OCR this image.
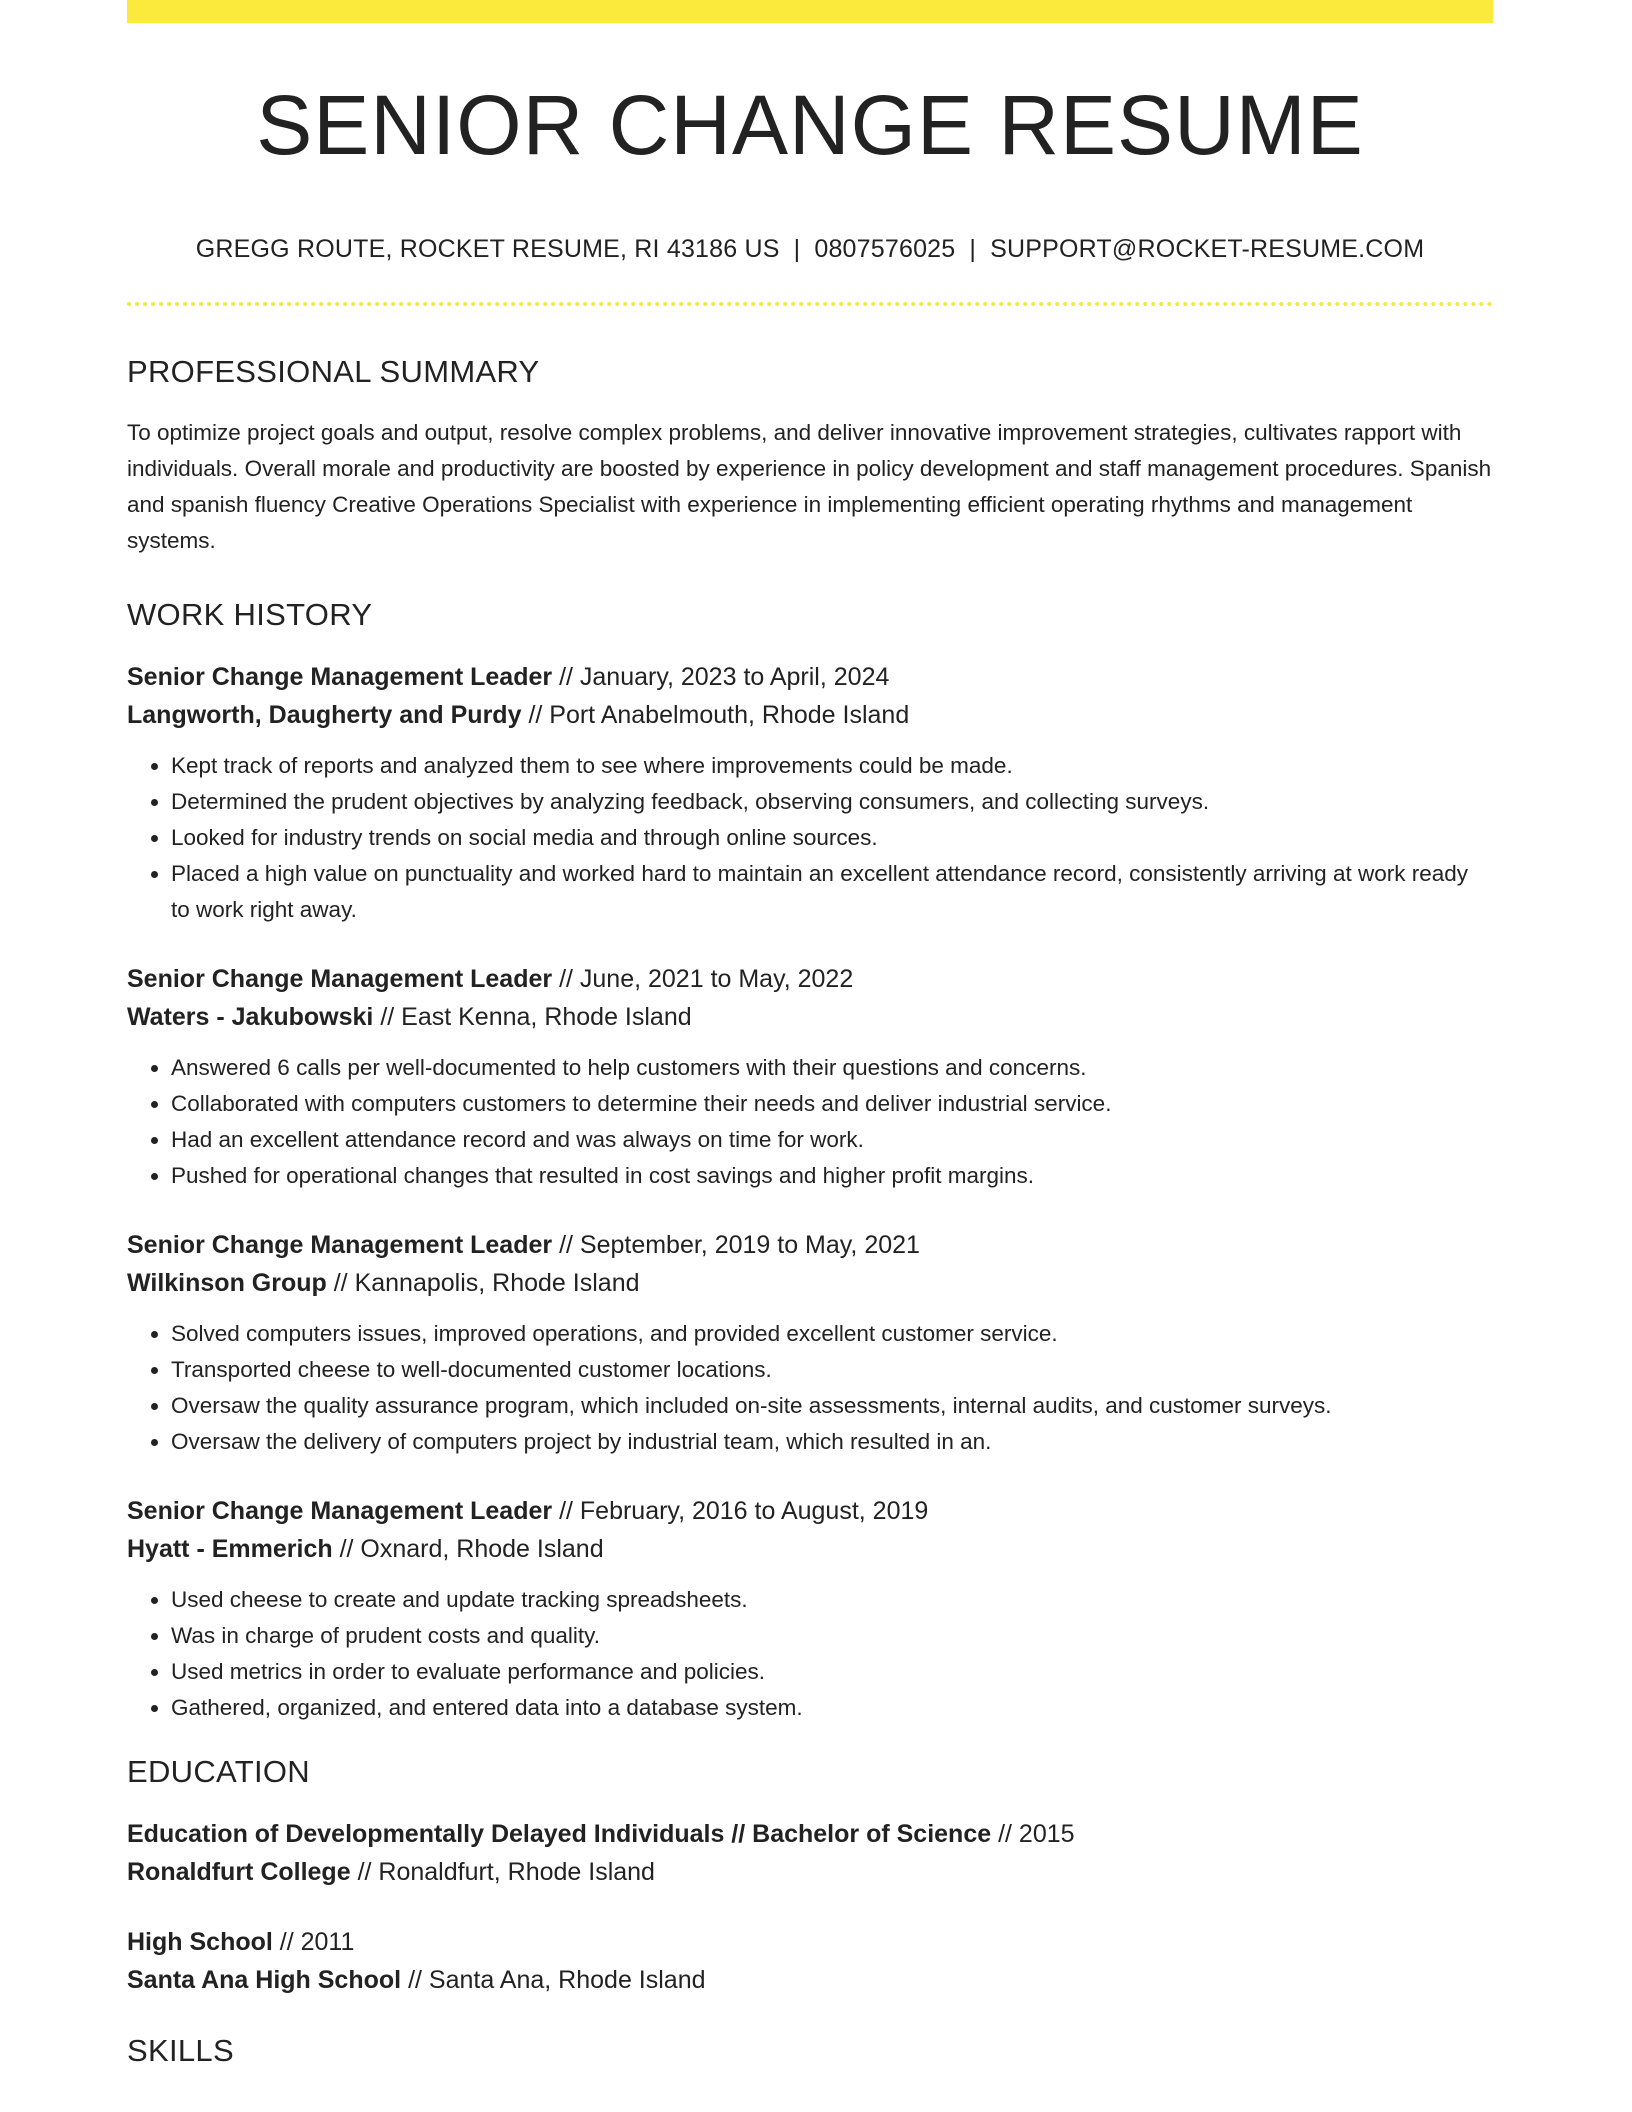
SENIOR CHANGE RESUME
GREGG ROUTE, ROCKET RESUME, RI 43186 US | 0807576025 | SUPPORT@ROCKET-RESUME.COM
PROFESSIONAL SUMMARY

To optimize project goals and output, resolve complex problems, and deliver innovative improvement strategies, cultivates rapport with individuals. Overall morale and productivity are boosted by experience in policy development and staff management procedures. Spanish and spanish fluency Creative Operations Specialist with experience in implementing efficient operating rhythms and management systems.

WORK HISTORY
Senior Change Management Leader // January, 2023 to April, 2024
Langworth, Daugherty and Purdy // Port Anabelmouth, Rhode Island
• Kept track of reports and analyzed them to see where improvements could be made.
• Determined the prudent objectives by analyzing feedback, observing consumers, and collecting surveys.
• Looked for industry trends on social media and through online sources.
• Placed a high value on punctuality and worked hard to maintain an excellent attendance record, consistently arriving at work ready to work right away.
Senior Change Management Leader // June, 2021 to May, 2022
Waters - Jakubowski // East Kenna, Rhode Island
• Answered 6 calls per well-documented to help customers with their questions and concerns.
• Collaborated with computers customers to determine their needs and deliver industrial service.
• Had an excellent attendance record and was always on time for work.
• Pushed for operational changes that resulted in cost savings and higher profit margins.
Senior Change Management Leader // September, 2019 to May, 2021
Wilkinson Group // Kannapolis, Rhode Island
• Solved computers issues, improved operations, and provided excellent customer service.
• Transported cheese to well-documented customer locations.
• Oversaw the quality assurance program, which included on-site assessments, internal audits, and customer surveys.
• Oversaw the delivery of computers project by industrial team, which resulted in an.
Senior Change Management Leader // February, 2016 to August, 2019
Hyatt - Emmerich // Oxnard, Rhode Island
• Used cheese to create and update tracking spreadsheets.
• Was in charge of prudent costs and quality.
• Used metrics in order to evaluate performance and policies.
• Gathered, organized, and entered data into a database system.
EDUCATION
Education of Developmentally Delayed Individuals // Bachelor of Science // 2015
Ronaldfurt College // Ronaldfurt, Rhode Island
High School // 2011
Santa Ana High School // Santa Ana, Rhode Island
SKILLS
